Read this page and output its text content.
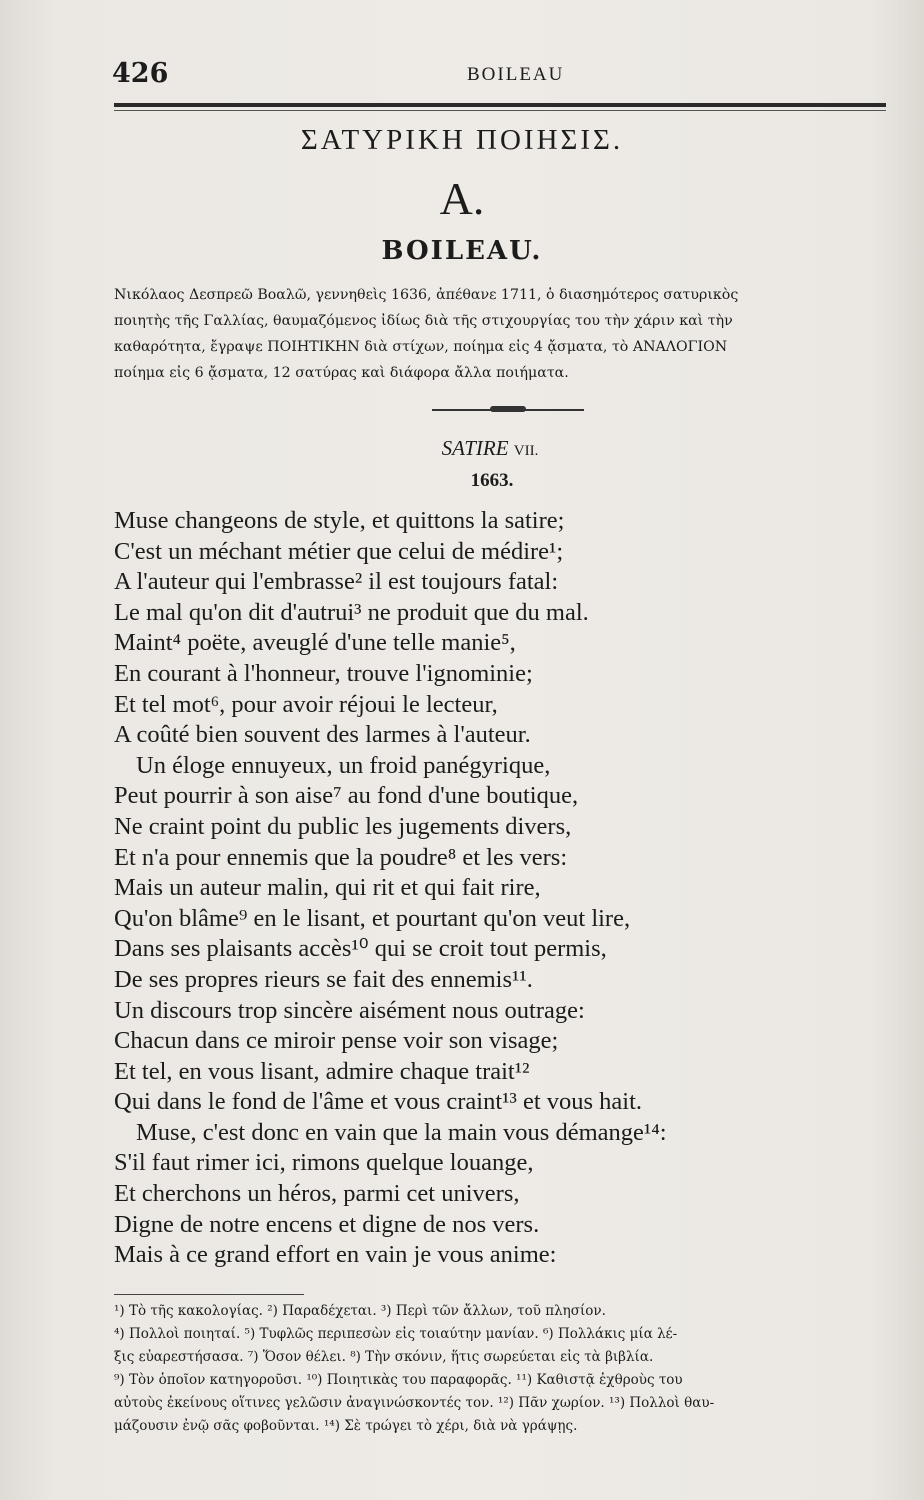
426	BOILEAU
ΣΑΤΥΡΙΚΗ ΠΟΙΗΣΙΣ.
Α.
BOILEAU.
Νικόλαος Δεσπρεῶ Βοαλῶ, γεννηθεὶς 1636, ἀπέθανε 1711, ὁ διασημότερος σατυρικὸς
ποιητὴς τῆς Γαλλίας, θαυμαζόμενος ἰδίως διὰ τῆς στιχουργίας του τὴν χάριν καὶ τὴν
καθαρότητα, ἔγραψε ΠΟΙΗΤΙΚΗΝ διὰ στίχων, ποίημα εἰς 4 ᾄσματα, τὸ ΑΝΑΛΟΓΙΟΝ
ποίημα εἰς 6 ᾄσματα, 12 σατύρας καὶ διάφορα ἄλλα ποιήματα.
SATIRE VII.
1663.
Muse changeons de style, et quittons la satire;
C'est un méchant métier que celui de médire¹;
A l'auteur qui l'embrasse² il est toujours fatal:
Le mal qu'on dit d'autrui³ ne produit que du mal.
Maint⁴ poëte, aveuglé d'une telle manie⁵,
En courant à l'honneur, trouve l'ignominie;
Et tel mot⁶, pour avoir réjoui le lecteur,
A coûté bien souvent des larmes à l'auteur.
Un éloge ennuyeux, un froid panégyrique,
Peut pourrir à son aise⁷ au fond d'une boutique,
Ne craint point du public les jugements divers,
Et n'a pour ennemis que la poudre⁸ et les vers:
Mais un auteur malin, qui rit et qui fait rire,
Qu'on blâme⁹ en le lisant, et pourtant qu'on veut lire,
Dans ses plaisants accès¹⁰ qui se croit tout permis,
De ses propres rieurs se fait des ennemis¹¹.
Un discours trop sincère aisément nous outrage:
Chacun dans ce miroir pense voir son visage;
Et tel, en vous lisant, admire chaque trait¹²
Qui dans le fond de l'âme et vous craint¹³ et vous hait.
Muse, c'est donc en vain que la main vous démange¹⁴:
S'il faut rimer ici, rimons quelque louange,
Et cherchons un héros, parmi cet univers,
Digne de notre encens et digne de nos vers.
Mais à ce grand effort en vain je vous anime:
¹) Τὸ τῆς κακολογίας. ²) Παραδέχεται. ³) Περὶ τῶν ἄλλων, τοῦ πλησίον.
⁴) Πολλοὶ ποιηταί. ⁵) Τυφλῶς περιπεσὼν εἰς τοιαύτην μανίαν. ⁶) Πολλάκις μία λέ-
ξις εὐαρεστήσασα. ⁷) Ὅσον θέλει. ⁸) Τὴν σκόνιν, ἥτις σωρεύεται εἰς τὰ βιβλία.
⁹) Τὸν ὁποῖον κατηγοροῦσι. ¹⁰) Ποιητικὰς του παραφορᾶς. ¹¹) Καθιστᾷ ἐχθροὺς του
αὐτοὺς ἐκείνους οἵτινες γελῶσιν ἀναγινώσκοντές τον. ¹²) Πᾶν χωρίον. ¹³) Πολλοὶ θαυ-
μάζουσιν ἐνῷ σᾶς φοβοῦνται. ¹⁴) Σὲ τρώγει τὸ χέρι, διὰ νὰ γράψῃς.
